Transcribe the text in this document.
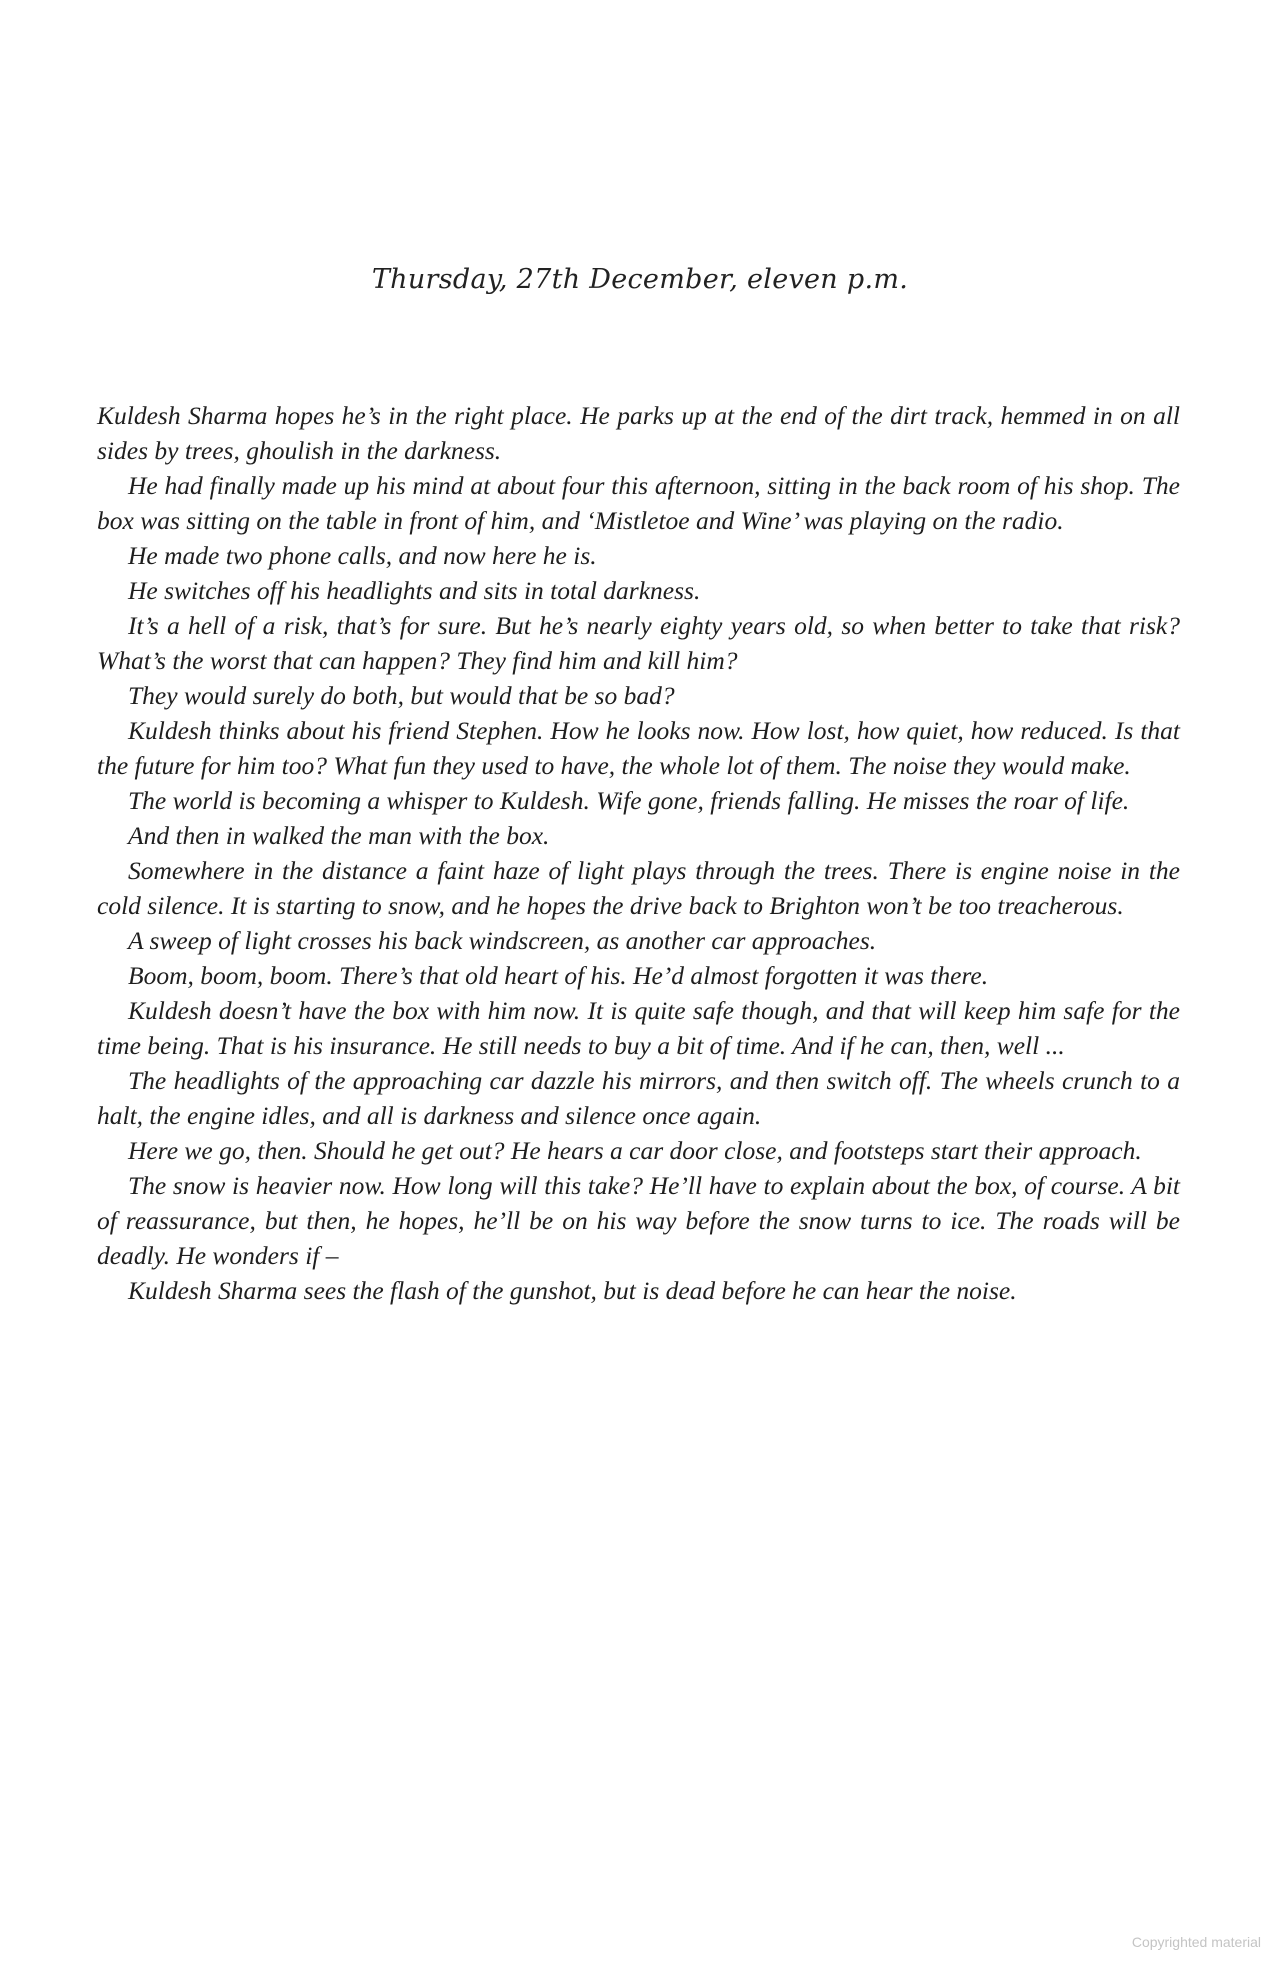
Thursday, 27th December, eleven p.m.

Kuldesh Sharma hopes he’s in the right place. He parks up at the end of the dirt track, hemmed in on all sides by trees, ghoulish in the darkness.

He had finally made up his mind at about four this afternoon, sitting in the back room of his shop. The box was sitting on the table in front of him, and ‘Mistletoe and Wine’ was playing on the radio.

He made two phone calls, and now here he is.

He switches off his headlights and sits in total darkness.

It’s a hell of a risk, that’s for sure. But he’s nearly eighty years old, so when better to take that risk? What’s the worst that can happen? They find him and kill him?

They would surely do both, but would that be so bad?

Kuldesh thinks about his friend Stephen. How he looks now. How lost, how quiet, how reduced. Is that the future for him too? What fun they used to have, the whole lot of them. The noise they would make.

The world is becoming a whisper to Kuldesh. Wife gone, friends falling. He misses the roar of life.

And then in walked the man with the box.

Somewhere in the distance a faint haze of light plays through the trees. There is engine noise in the cold silence. It is starting to snow, and he hopes the drive back to Brighton won’t be too treacherous.

A sweep of light crosses his back windscreen, as another car approaches.

Boom, boom, boom. There’s that old heart of his. He’d almost forgotten it was there.

Kuldesh doesn’t have the box with him now. It is quite safe though, and that will keep him safe for the time being. That is his insurance. He still needs to buy a bit of time. And if he can, then, well ...

The headlights of the approaching car dazzle his mirrors, and then switch off. The wheels crunch to a halt, the engine idles, and all is darkness and silence once again.

Here we go, then. Should he get out? He hears a car door close, and footsteps start their approach.

The snow is heavier now. How long will this take? He’ll have to explain about the box, of course. A bit of reassurance, but then, he hopes, he’ll be on his way before the snow turns to ice. The roads will be deadly. He wonders if –

Kuldesh Sharma sees the flash of the gunshot, but is dead before he can hear the noise.

Copyrighted material
